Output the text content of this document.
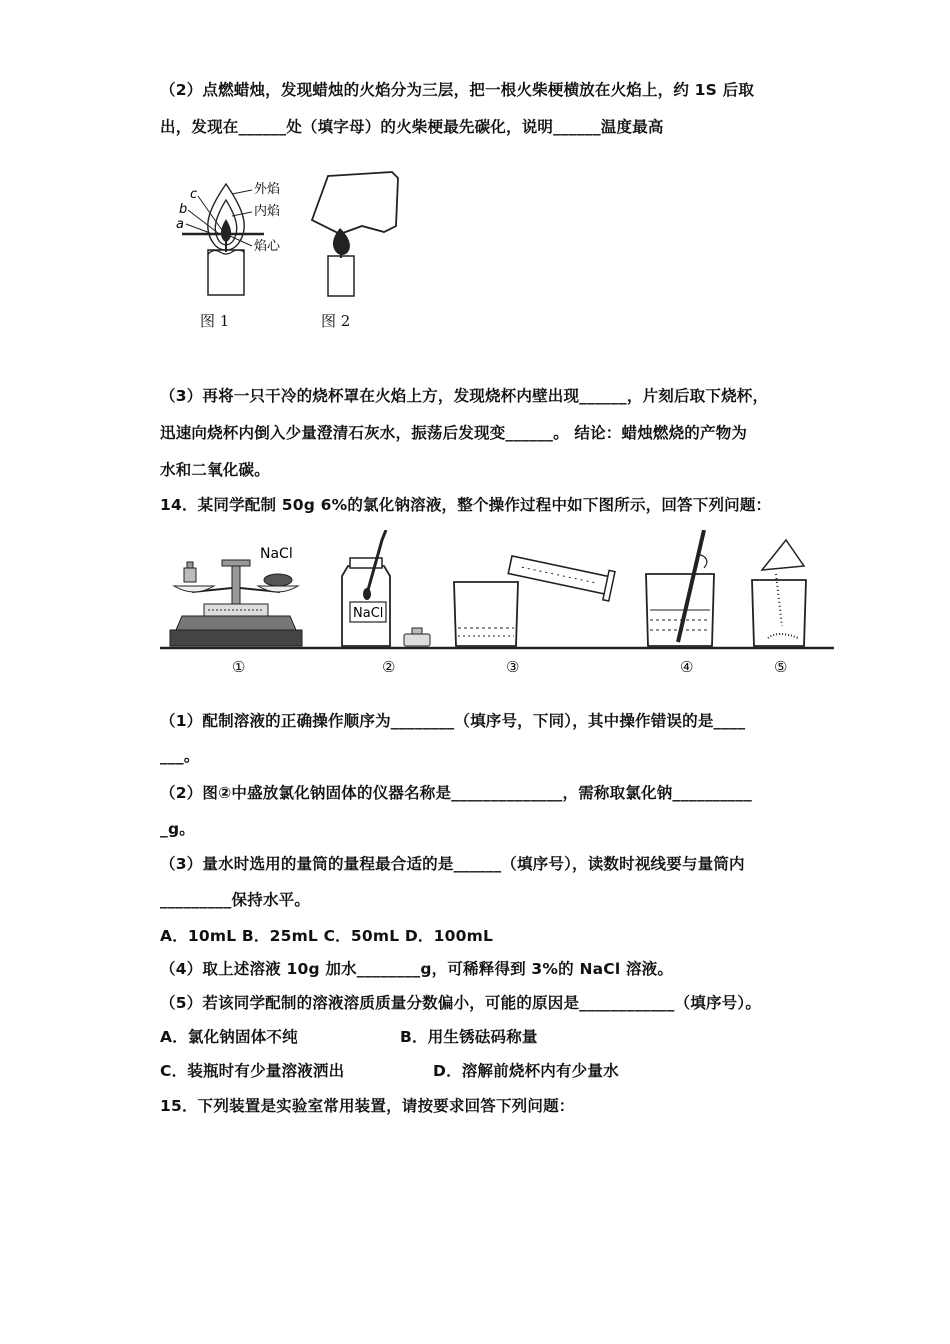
（2）点燃蜡烛，发现蜡烛的火焰分为三层，把一根火柴梗横放在火焰上，约 1S 后取
出，发现在______处（填字母）的火柴梗最先碳化，说明______温度最高
a
b
c	外焰
内焰
焰心
图 1	图 2
（3）再将一只干冷的烧杯罩在火焰上方，发现烧杯内壁出现______，片刻后取下烧杯，
迅速向烧杯内倒入少量澄清石灰水，振荡后发现变______。 结论：蜡烛燃烧的产物为
水和二氧化碳。
14．某同学配制 50g 6%的氯化钠溶液，整个操作过程中如下图所示，回答下列问题：
NaCl
NaCl
①	②	③	④	⑤
（1）配制溶液的正确操作顺序为________（填序号，下同），其中操作错误的是____
___。
（2）图②中盛放氯化钠固体的仪器名称是______________，需称取氯化钠__________
_g。
（3）量水时选用的量筒的量程最合适的是______（填序号），读数时视线要与量筒内
_________保持水平。
A．10mL B．25mL C．50mL D．100mL
（4）取上述溶液 10g 加水________g，可稀释得到 3%的 NaCl 溶液。
（5）若该同学配制的溶液溶质质量分数偏小，可能的原因是____________（填序号）。
A．氯化钠固体不纯	B．用生锈砝码称量
C．装瓶时有少量溶液洒出	D．溶解前烧杯内有少量水
15．下列装置是实验室常用装置，请按要求回答下列问题：
